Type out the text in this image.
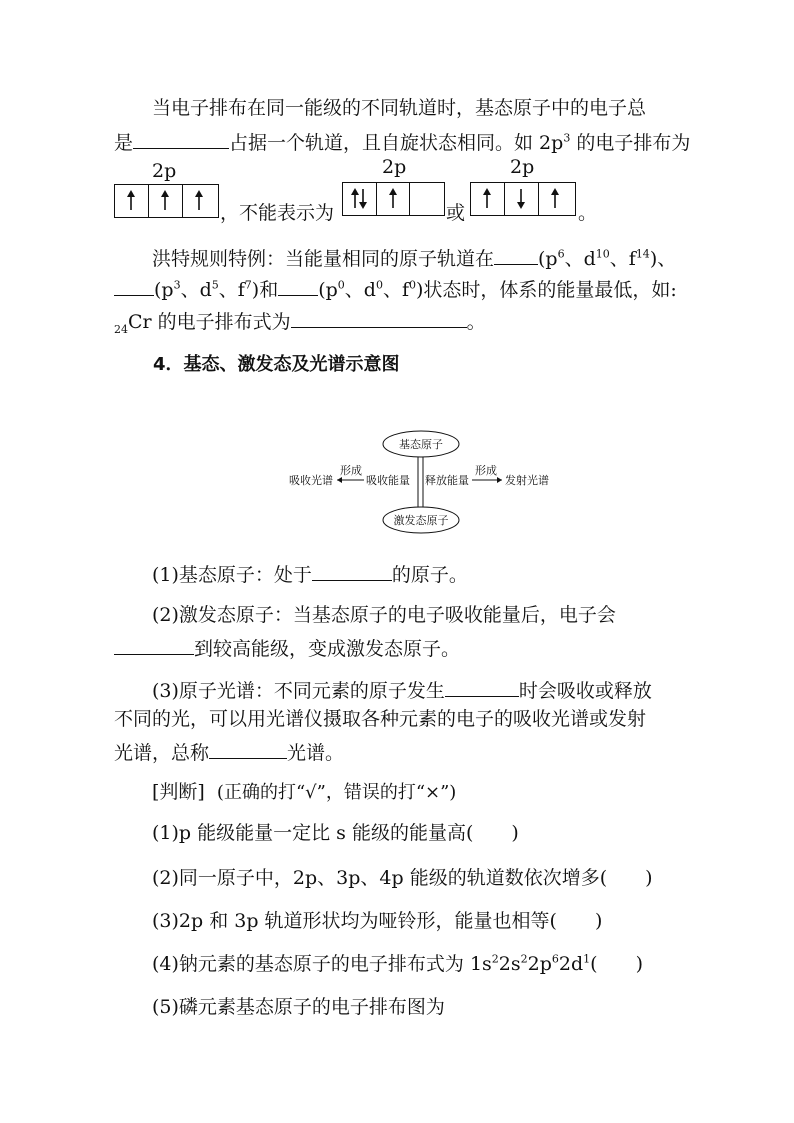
当电子排布在同一能级的不同轨道时，基态原子中的电子总
是	占据一个轨道，且自旋状态相同。如 $2p^3$ 的电子排布为
2p
，不能表示为
2p
或
2p
。
洪特规则特例：当能量相同的原子轨道在 ($p^6$、$d^{10}$、$f^{14}$)、
($p^3$、$d^5$、$f^7$)和 ($p^0$、$d^0$、$f^0$)状态时，体系的能量最低，如:
$_{24}$Cr 的电子排布式为	。
4．基态、激发态及光谱示意图
基态原子
激发态原子
吸收光谱
形成
吸收能量 释放能量
形成
发射光谱
(1)基态原子：处于	的原子。
(2)激发态原子：当基态原子的电子吸收能量后，电子会
到较高能级，变成激发态原子。
(3)原子光谱：不同元素的原子发生	时会吸收或释放
不同的光，可以用光谱仪摄取各种元素的电子的吸收光谱或发射
光谱，总称	光谱。
[判断] (正确的打“√”，错误的打“×”)
(1)p 能级能量一定比 s 能级的能量高(　　)
(2)同一原子中，2p、3p、4p 能级的轨道数依次增多(　　)
(3)2p 和 3p 轨道形状均为哑铃形，能量也相等(　　)
(4)钠元素的基态原子的电子排布式为 $1s^22s^22p^62d^1$(　　)
(5)磷元素基态原子的电子排布图为
